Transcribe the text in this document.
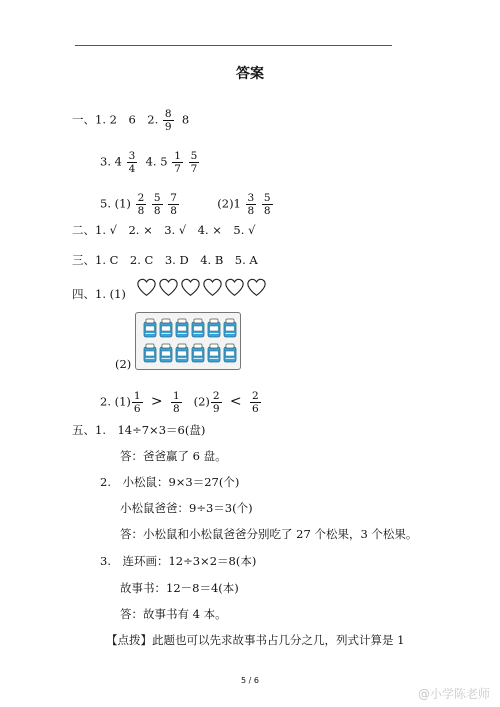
答案
一、1. 2　6　2. $\frac{8}{9} 8$
3. $4 \frac{3}{4} 4$. $5 \frac{1}{7}$
$\frac{5}{7}$
5. $(1) \frac{2}{8}$
$\frac{5}{8}$
$\frac{7}{8}$	$(2)1 \frac{3}{8}$
$\frac{5}{8}$
二、1. √　2. ×　3. √　4. ×　5. √
三、1. C　2. C　3. D　4. B　5. A
四、1. (1)
(2)
2. $(1) \frac{1}{6} > \frac{1}{8} (2) \frac{2}{9} < \frac{2}{6}$
五、1.　14÷7×3＝6(盘)
答：爸爸赢了 6 盘。
2.　小松鼠：9×3＝27(个)
小松鼠爸爸：9÷3＝3(个)
答：小松鼠和小松鼠爸爸分别吃了 27 个松果，3 个松果。
3.　连环画：12÷3×2＝8(本)
故事书：12－8＝4(本)
答：故事书有 4 本。
【点拨】此题也可以先求故事书占几分之几，列式计算是 1
5 / 6
@小学陈老师
